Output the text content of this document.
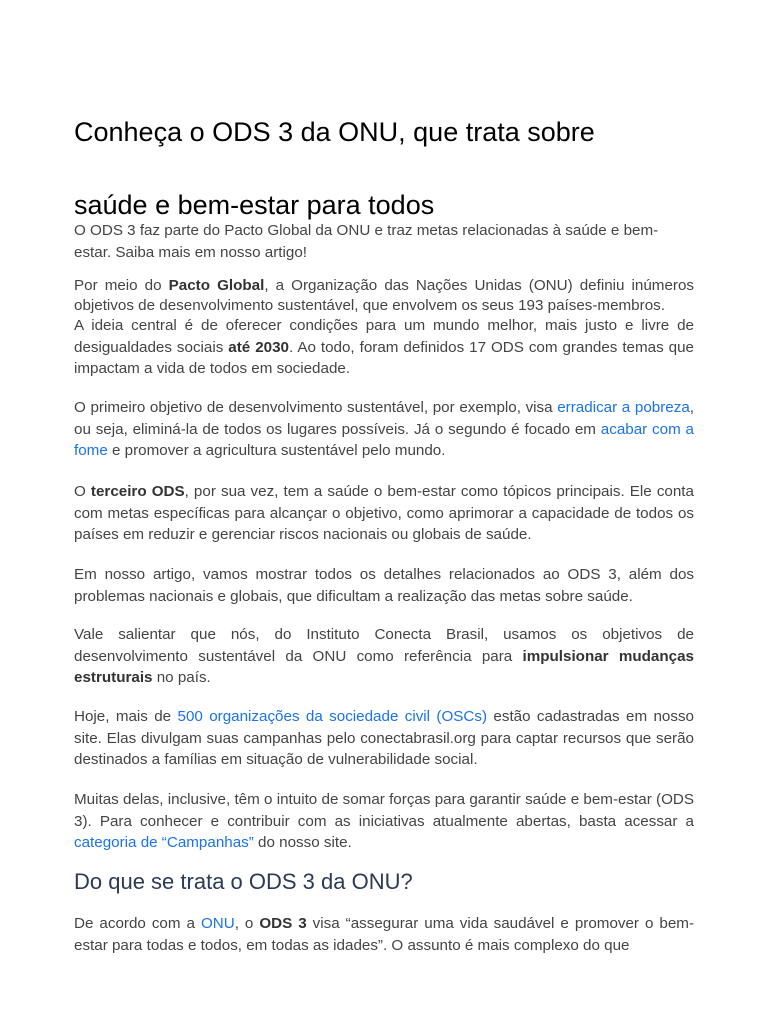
Conheça o ODS 3 da ONU, que trata sobre
saúde e bem-estar para todos

O ODS 3 faz parte do Pacto Global da ONU e traz metas relacionadas à saúde e bem-estar. Saiba mais em nosso artigo!

Por meio do Pacto Global, a Organização das Nações Unidas (ONU) definiu inúmeros objetivos de desenvolvimento sustentável, que envolvem os seus 193 países-membros.

A ideia central é de oferecer condições para um mundo melhor, mais justo e livre de desigualdades sociais até 2030. Ao todo, foram definidos 17 ODS com grandes temas que impactam a vida de todos em sociedade.

O primeiro objetivo de desenvolvimento sustentável, por exemplo, visa erradicar a pobreza, ou seja, eliminá-la de todos os lugares possíveis. Já o segundo é focado em acabar com a fome e promover a agricultura sustentável pelo mundo.

O terceiro ODS, por sua vez, tem a saúde o bem-estar como tópicos principais. Ele conta com metas específicas para alcançar o objetivo, como aprimorar a capacidade de todos os países em reduzir e gerenciar riscos nacionais ou globais de saúde.

Em nosso artigo, vamos mostrar todos os detalhes relacionados ao ODS 3, além dos problemas nacionais e globais, que dificultam a realização das metas sobre saúde.

Vale salientar que nós, do Instituto Conecta Brasil, usamos os objetivos de desenvolvimento sustentável da ONU como referência para impulsionar mudanças estruturais no país.

Hoje, mais de 500 organizações da sociedade civil (OSCs) estão cadastradas em nosso site. Elas divulgam suas campanhas pelo conectabrasil.org para captar recursos que serão destinados a famílias em situação de vulnerabilidade social.

Muitas delas, inclusive, têm o intuito de somar forças para garantir saúde e bem-estar (ODS 3). Para conhecer e contribuir com as iniciativas atualmente abertas, basta acessar a categoria de “Campanhas” do nosso site.

Do que se trata o ODS 3 da ONU?

De acordo com a ONU, o ODS 3 visa “assegurar uma vida saudável e promover o bem-estar para todas e todos, em todas as idades”. O assunto é mais complexo do que
